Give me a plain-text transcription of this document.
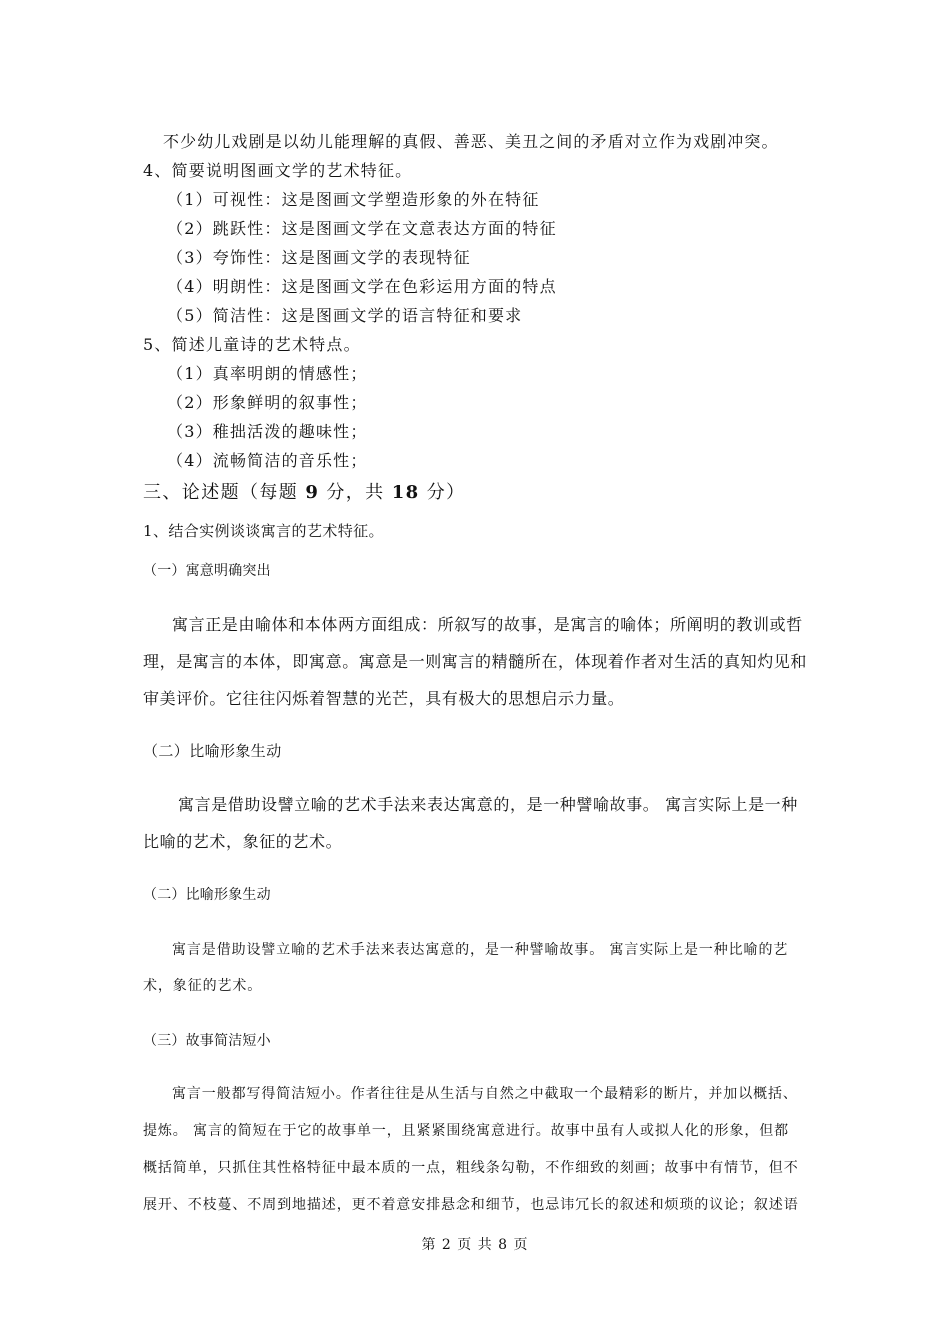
不少幼儿戏剧是以幼儿能理解的真假、善恶、美丑之间的矛盾对立作为戏剧冲突。

4、简要说明图画文学的艺术特征。

（1）可视性：这是图画文学塑造形象的外在特征

（2）跳跃性：这是图画文学在文意表达方面的特征

（3）夸饰性：这是图画文学的表现特征

（4）明朗性：这是图画文学在色彩运用方面的特点

（5）简洁性：这是图画文学的语言特征和要求

5、简述儿童诗的艺术特点。

（1）真率明朗的情感性；

（2）形象鲜明的叙事性；

（3）稚拙活泼的趣味性；

（4）流畅简洁的音乐性；

三、论述题（每题 9 分，共 18 分）

1、结合实例谈谈寓言的艺术特征。

（一）寓意明确突出

寓言正是由喻体和本体两方面组成：所叙写的故事，是寓言的喻体；所阐明的教训或哲

理，是寓言的本体，即寓意。寓意是一则寓言的精髓所在，体现着作者对生活的真知灼见和

审美评价。它往往闪烁着智慧的光芒，具有极大的思想启示力量。

（二）比喻形象生动

寓言是借助设譬立喻的艺术手法来表达寓意的，是一种譬喻故事。 寓言实际上是一种

比喻的艺术，象征的艺术。

（二）比喻形象生动

寓言是借助设譬立喻的艺术手法来表达寓意的，是一种譬喻故事。 寓言实际上是一种比喻的艺

术，象征的艺术。

（三）故事简洁短小

寓言一般都写得简洁短小。作者往往是从生活与自然之中截取一个最精彩的断片，并加以概括、

提炼。 寓言的简短在于它的故事单一，且紧紧围绕寓意进行。故事中虽有人或拟人化的形象，但都

概括简单，只抓住其性格特征中最本质的一点，粗线条勾勒，不作细致的刻画；故事中有情节，但不

展开、不枝蔓、不周到地描述，更不着意安排悬念和细节，也忌讳冗长的叙述和烦琐的议论；叙述语

第 2 页 共 8 页
